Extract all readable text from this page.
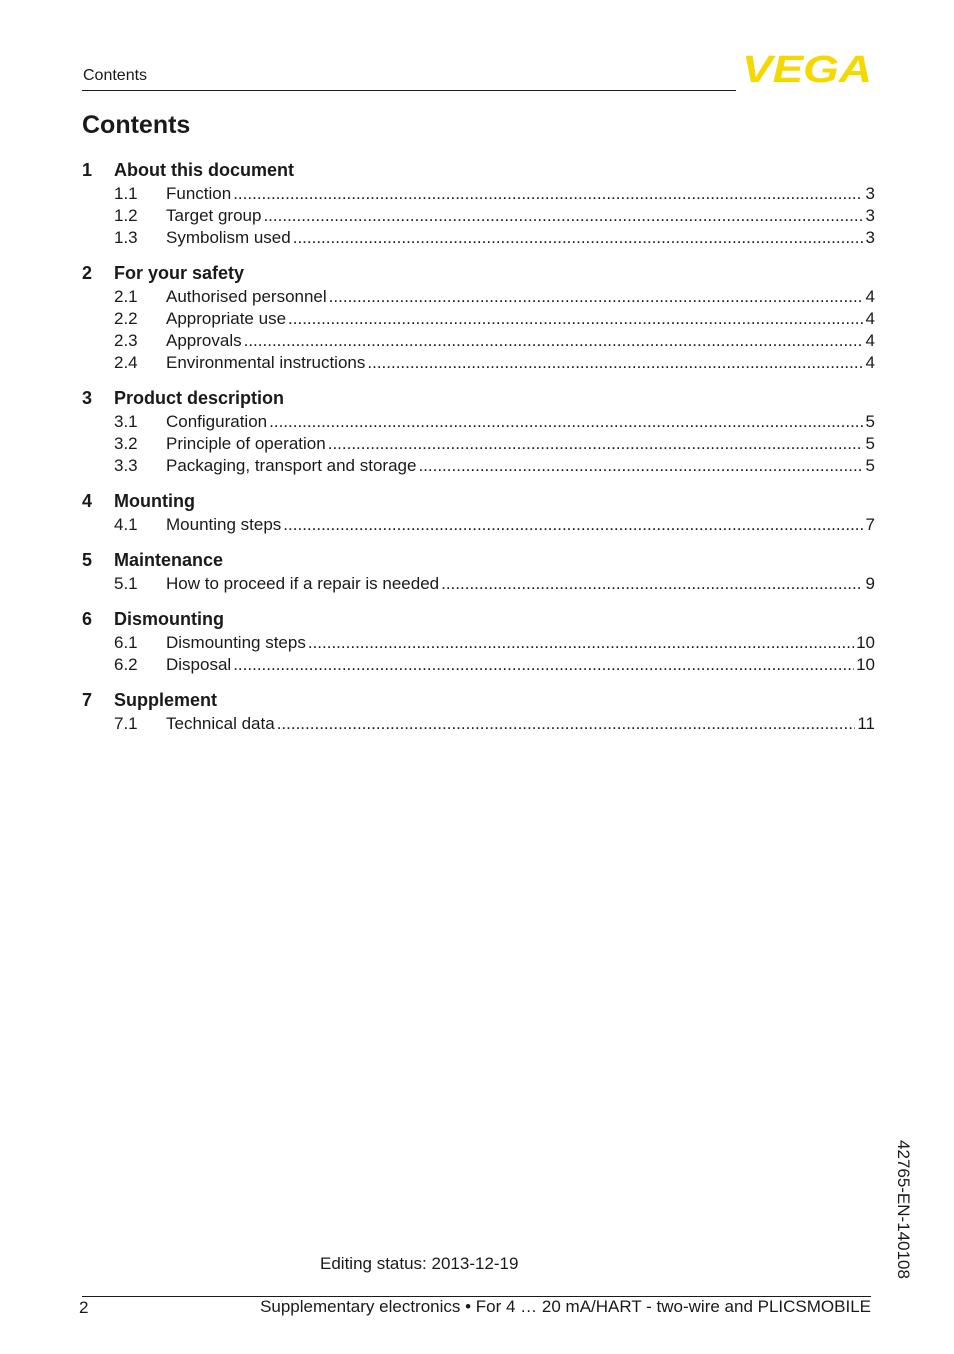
Contents	VEGA
Contents
1	About this document
1.1	Function .....	3
1.2	Target group .....	3
1.3	Symbolism used .....	3
2	For your safety
2.1	Authorised personnel .....	4
2.2	Appropriate use .....	4
2.3	Approvals .....	4
2.4	Environmental instructions .....	4
3	Product description
3.1	Configuration .....	5
3.2	Principle of operation .....	5
3.3	Packaging, transport and storage .....	5
4	Mounting
4.1	Mounting steps .....	7
5	Maintenance
5.1	How to proceed if a repair is needed .....	9
6	Dismounting
6.1	Dismounting steps .....	10
6.2	Disposal .....	10
7	Supplement
7.1	Technical data .....	11
42765-EN-140108
Editing status: 2013-12-19
2	Supplementary electronics • For 4 … 20 mA/HART - two-wire and PLICSMOBILE
